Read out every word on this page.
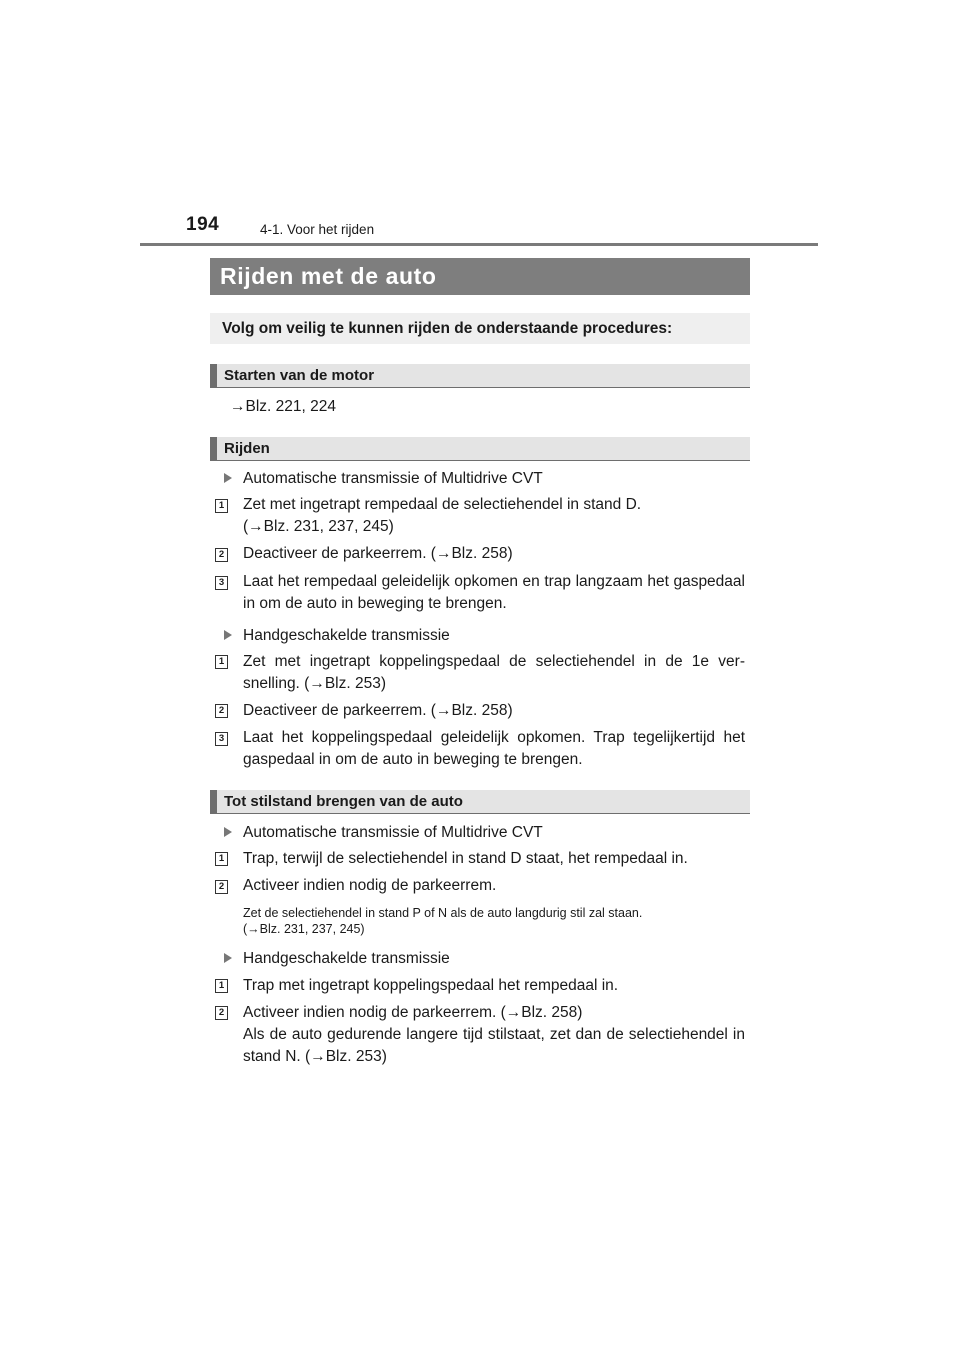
194	4-1. Voor het rijden
Rijden met de auto
Volg om veilig te kunnen rijden de onderstaande procedures:
Starten van de motor

→Blz. 221, 224

Rijden
Automatische transmissie of Multidrive CVT
1 Zet met ingetrapt rempedaal de selectiehendel in stand D.
(→Blz. 231, 237, 245)

2 Deactiveer de parkeerrem. (→Blz. 258)

3 Laat het rempedaal geleidelijk opkomen en trap langzaam het gaspedaal in om de auto in beweging te brengen.

Handgeschakelde transmissie
1 Zet met ingetrapt koppelingspedaal de selectiehendel in de 1e versnelling. (→Blz. 253)

2 Deactiveer de parkeerrem. (→Blz. 258)

3 Laat het koppelingspedaal geleidelijk opkomen. Trap tegelijkertijd het gaspedaal in om de auto in beweging te brengen.

Tot stilstand brengen van de auto
Automatische transmissie of Multidrive CVT
1 Trap, terwijl de selectiehendel in stand D staat, het rempedaal in.

2 Activeer indien nodig de parkeerrem.

Zet de selectiehendel in stand P of N als de auto langdurig stil zal staan.
(→Blz. 231, 237, 245)

Handgeschakelde transmissie
1 Trap met ingetrapt koppelingspedaal het rempedaal in.

2 Activeer indien nodig de parkeerrem. (→Blz. 258)
Als de auto gedurende langere tijd stilstaat, zet dan de selectiehendel in stand N. (→Blz. 253)
